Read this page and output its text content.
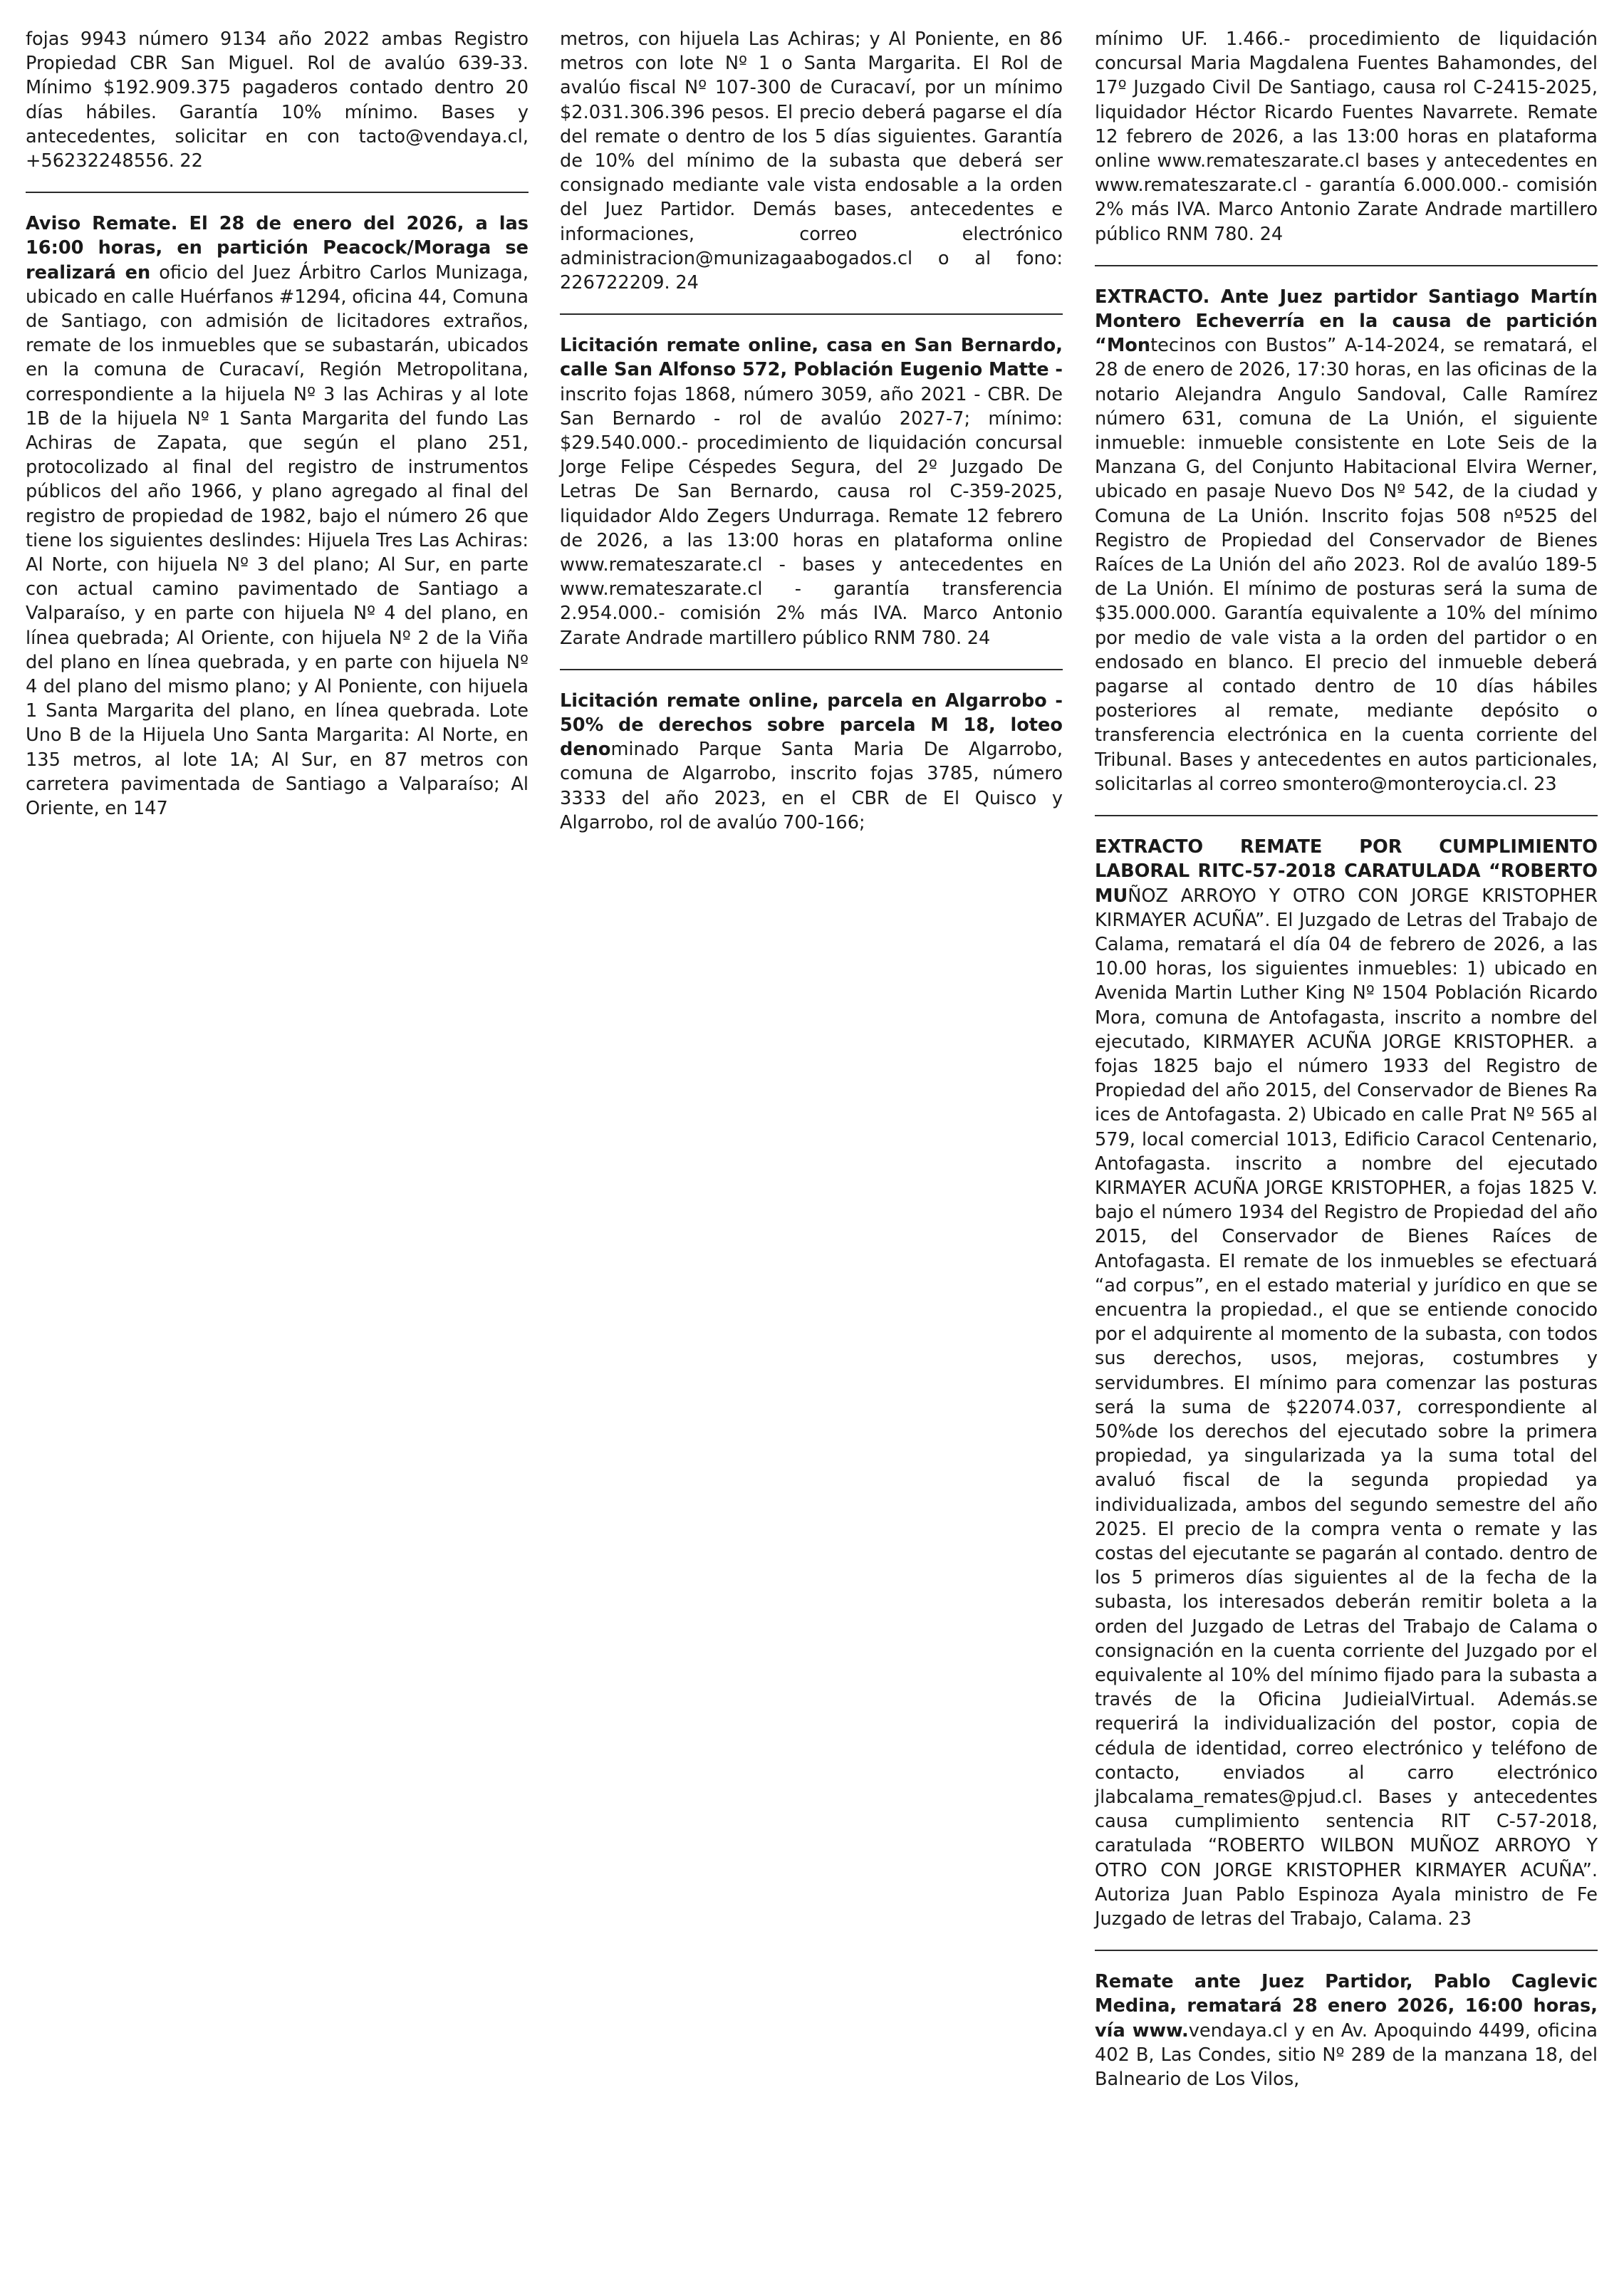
fojas 9943 número 9134 año 2022 ambas Registro Propiedad CBR San Miguel. Rol de avalúo 639-33. Mínimo $192.909.375 pagaderos contado dentro 20 días hábiles. Garantía 10% mínimo. Bases y antecedentes, solicitar en con tacto@vendaya.cl, +56232248556. 22

Aviso Remate. El 28 de enero del 2026, a las 16:00 horas, en partición Peacock/Moraga se realizará en oficio del Juez Árbitro Carlos Munizaga, ubicado en calle Huérfanos #1294, oficina 44, Comuna de Santiago, con admisión de licitadores extraños, remate de los inmuebles que se subastarán, ubicados en la comuna de Curacaví, Región Metropolitana, correspondiente a la hijuela Nº 3 las Achiras y al lote 1B de la hijuela Nº 1 Santa Margarita del fundo Las Achiras de Zapata, que según el plano 251, protocolizado al final del registro de instrumentos públicos del año 1966, y plano agregado al final del registro de propiedad de 1982, bajo el número 26 que tiene los siguientes deslindes: Hijuela Tres Las Achiras: Al Norte, con hijuela Nº 3 del plano; Al Sur, en parte con actual camino pavimentado de Santiago a Valparaíso, y en parte con hijuela Nº 4 del plano, en línea quebrada; Al Oriente, con hijuela Nº 2 de la Viña del plano en línea quebrada, y en parte con hijuela Nº 4 del plano del mismo plano; y Al Poniente, con hijuela 1 Santa Margarita del plano, en línea quebrada. Lote Uno B de la Hijuela Uno Santa Margarita: Al Norte, en 135 metros, al lote 1A; Al Sur, en 87 metros con carretera pavimentada de Santiago a Valparaíso; Al Oriente, en 147

metros, con hijuela Las Achiras; y Al Poniente, en 86 metros con lote Nº 1 o Santa Margarita. El Rol de avalúo fiscal Nº 107-300 de Curacaví, por un mínimo $2.031.306.396 pesos. El precio deberá pagarse el día del remate o dentro de los 5 días siguientes. Garantía de 10% del mínimo de la subasta que deberá ser consignado mediante vale vista endosable a la orden del Juez Partidor. Demás bases, antecedentes e informaciones, correo electrónico administracion@munizagaabogados.cl o al fono: 226722209. 24

Licitación remate online, casa en San Bernardo, calle San Alfonso 572, Población Eugenio Matte - inscrito fojas 1868, número 3059, año 2021 - CBR. De San Bernardo - rol de avalúo 2027-7; mínimo: $29.540.000.- procedimiento de liquidación concursal Jorge Felipe Céspedes Segura, del 2º Juzgado De Letras De San Bernardo, causa rol C-359-2025, liquidador Aldo Zegers Undurraga. Remate 12 febrero de 2026, a las 13:00 horas en plataforma online www.remateszarate.cl - bases y antecedentes en www.remateszarate.cl - garantía transferencia 2.954.000.- comisión 2% más IVA. Marco Antonio Zarate Andrade martillero público RNM 780. 24

Licitación remate online, parcela en Algarrobo - 50% de derechos sobre parcela M 18, loteo denominado Parque Santa Maria De Algarrobo, comuna de Algarrobo, inscrito fojas 3785, número 3333 del año 2023, en el CBR de El Quisco y Algarrobo, rol de avalúo 700-166;

mínimo UF. 1.466.- procedimiento de liquidación concursal Maria Magdalena Fuentes Bahamondes, del 17º Juzgado Civil De Santiago, causa rol C-2415-2025, liquidador Héctor Ricardo Fuentes Navarrete. Remate 12 febrero de 2026, a las 13:00 horas en plataforma online www.remateszarate.cl bases y antecedentes en www.remateszarate.cl - garantía 6.000.000.- comisión 2% más IVA. Marco Antonio Zarate Andrade martillero público RNM 780. 24

EXTRACTO. Ante Juez partidor Santiago Martín Montero Echeverría en la causa de partición “Montecinos con Bustos” A-14-2024, se rematará, el 28 de enero de 2026, 17:30 horas, en las oficinas de la notario Alejandra Angulo Sandoval, Calle Ramírez número 631, comuna de La Unión, el siguiente inmueble: inmueble consistente en Lote Seis de la Manzana G, del Conjunto Habitacional Elvira Werner, ubicado en pasaje Nuevo Dos Nº 542, de la ciudad y Comuna de La Unión. Inscrito fojas 508 nº525 del Registro de Propiedad del Conservador de Bienes Raíces de La Unión del año 2023. Rol de avalúo 189-5 de La Unión. El mínimo de posturas será la suma de $35.000.000. Garantía equivalente a 10% del mínimo por medio de vale vista a la orden del partidor o en endosado en blanco. El precio del inmueble deberá pagarse al contado dentro de 10 días hábiles posteriores al remate, mediante depósito o transferencia electrónica en la cuenta corriente del Tribunal. Bases y antecedentes en autos particionales, solicitarlas al correo smontero@monteroycia.cl. 23

EXTRACTO REMATE POR CUMPLIMIENTO LABORAL RITC-57-2018 CARATULADA “ROBERTO MUÑOZ ARROYO Y OTRO CON JORGE KRISTOPHER KIRMAYER ACUÑA”. El Juzgado de Letras del Trabajo de Calama, rematará el día 04 de febrero de 2026, a las 10.00 horas, los siguientes inmuebles: 1) ubicado en Avenida Martin Luther King Nº 1504 Población Ricardo Mora, comuna de Antofagasta, inscrito a nombre del ejecutado, KIRMAYER ACUÑA JORGE KRISTOPHER. a fojas 1825 bajo el número 1933 del Registro de Propiedad del año 2015, del Conservador de Bienes Ra ices de Antofagasta. 2) Ubicado en calle Prat Nº 565 al 579, local comercial 1013, Edificio Caracol Centenario, Antofagasta. inscrito a nombre del ejecutado KIRMAYER ACUÑA JORGE KRISTOPHER, a fojas 1825 V. bajo el número 1934 del Registro de Propiedad del año 2015, del Conservador de Bienes Raíces de Antofagasta. EI remate de los inmuebles se efectuará “ad corpus”, en el estado material y jurídico en que se encuentra la propiedad., el que se entiende conocido por el adquirente al momento de la subasta, con todos sus derechos, usos, mejoras, costumbres y servidumbres. EI mínimo para comenzar las posturas será la suma de $22074.037, correspondiente al 50%de los derechos del ejecutado sobre la primera propiedad, ya singularizada ya la suma total del avaluó fiscal de la segunda propiedad ya individualizada, ambos del segundo semestre del año 2025. El precio de la compra venta o remate y las costas del ejecutante se pagarán al contado. dentro de los 5 primeros días siguientes al de la fecha de la subasta, los interesados deberán remitir boleta a la orden del Juzgado de Letras del Trabajo de Calama o consignación en la cuenta corriente del Juzgado por el equivalente al 10% del mínimo fijado para la subasta a través de la Oficina JudieialVirtual. Además.se requerirá la individualización del postor, copia de cédula de identidad, correo electrónico y teléfono de contacto, enviados al carro electrónico jlabcalama_remates@pjud.cl. Bases y antecedentes causa cumplimiento sentencia RIT C-57-2018, caratulada “ROBERTO WILBON MUÑOZ ARROYO Y OTRO CON JORGE KRISTOPHER KIRMAYER ACUÑA”. Autoriza Juan Pablo Espinoza Ayala ministro de Fe Juzgado de letras del Trabajo, Calama. 23

Remate ante Juez Partidor, Pablo Caglevic Medina, rematará 28 enero 2026, 16:00 horas, vía www.vendaya.cl y en Av. Apoquindo 4499, oficina 402 B, Las Condes, sitio Nº 289 de la manzana 18, del Balneario de Los Vilos,
